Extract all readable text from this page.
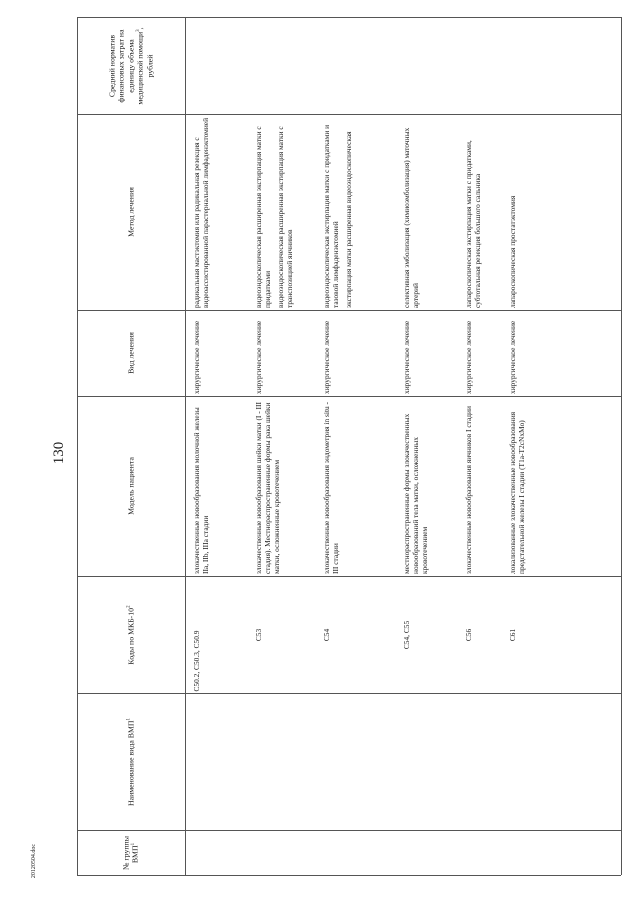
130
20120504.doc	№ группы ВМП$^1$
Наименование вида ВМП$^1$
Коды по МКБ-$10^2$
Модель пациента
Вид лечения
Метод лечения
Средний норматив финансовых затрат на единицу объема медицинской помощи$^3$, рублей
C50.2, C50.3, C50.9
злокачественные новообразования молочной железы IIa, IIb, IIIa стадии
хирургическое лечение

радикальная мастэктомия или радикальная резекция с видеоассистированной парастернальной лимфаденэктомией

C53
злокачественные новообразования шейки матки (I - III стадия). Местнораспространенные формы рака шейки матки, осложненные кровотечением
хирургическое лечение

видеоэндоскопическая расширенная экстирпация матки с придатками видеоэндоскопическая расширенная экстирпация матки с транспозицией яичников

C54
злокачественные новообразования эндометрия in situ - III стадии
хирургическое лечение

видеоэндоскопическая экстирпация матки с придатками и тазовой лимфаденэктомией экстирпация матки расширенная видеоэндоскопическая

C54, C55
местнораспространенные формы злокачественных новообразований тела матки, осложненных кровотечением
хирургическое лечение

селективная эмболизация (химиоэмболизация) маточных артерий

C56
злокачественные новообразования яичников I стадии
хирургическое лечение

лапароскопическая экстирпация матки с придатками, субтотальная резекция большого сальника

C61
локализованные злокачественные новообразования предстательной железы I стадии (T1a-T2cNxMo)
хирургическое лечение

лапароскопическая простатэктомия
